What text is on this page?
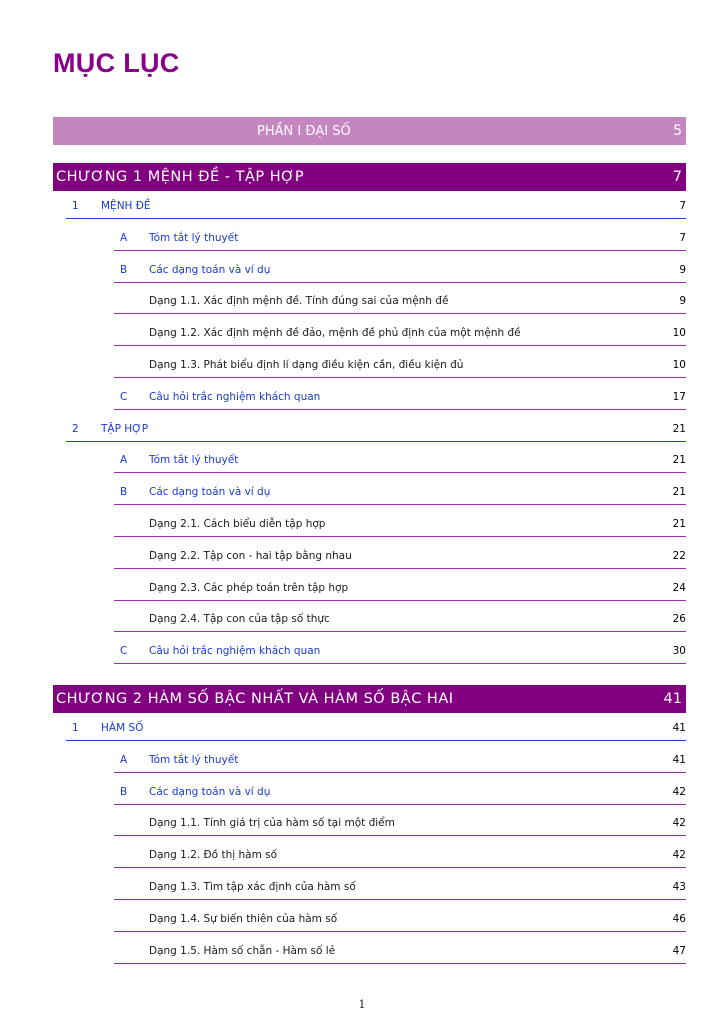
MỤC LỤC
PHẦN I ĐẠI SỐ	5
CHƯƠNG 1 MỆNH ĐỀ - TẬP HỢP	7
1 MỆNH ĐỀ	7
A Tóm tắt lý thuyết	7
B Các dạng toán và ví dụ	9
Dạng 1.1. Xác định mệnh đề. Tính đúng sai của mệnh đề	9
Dạng 1.2. Xác định mệnh đề đảo, mệnh đề phủ định của một mệnh đề	10
Dạng 1.3. Phát biểu định lí dạng điều kiện cần, điều kiện đủ	10
C Câu hỏi trắc nghiệm khách quan	17
2 TẬP HỢP	21
A Tóm tắt lý thuyết	21
B Các dạng toán và ví dụ	21
Dạng 2.1. Cách biểu diễn tập hợp	21
Dạng 2.2. Tập con - hai tập bằng nhau	22
Dạng 2.3. Các phép toán trên tập hợp	24
Dạng 2.4. Tập con của tập số thực	26
C Câu hỏi trắc nghiệm khách quan	30
CHƯƠNG 2 HÀM SỐ BẬC NHẤT VÀ HÀM SỐ BẬC HAI	41
1 HÀM SỐ	41
A Tóm tắt lý thuyết	41
B Các dạng toán và ví dụ	42
Dạng 1.1. Tính giá trị của hàm số tại một điểm	42
Dạng 1.2. Đồ thị hàm số	42
Dạng 1.3. Tìm tập xác định của hàm số	43
Dạng 1.4. Sự biến thiên của hàm số	46
Dạng 1.5. Hàm số chẵn - Hàm số lẻ	47
1
